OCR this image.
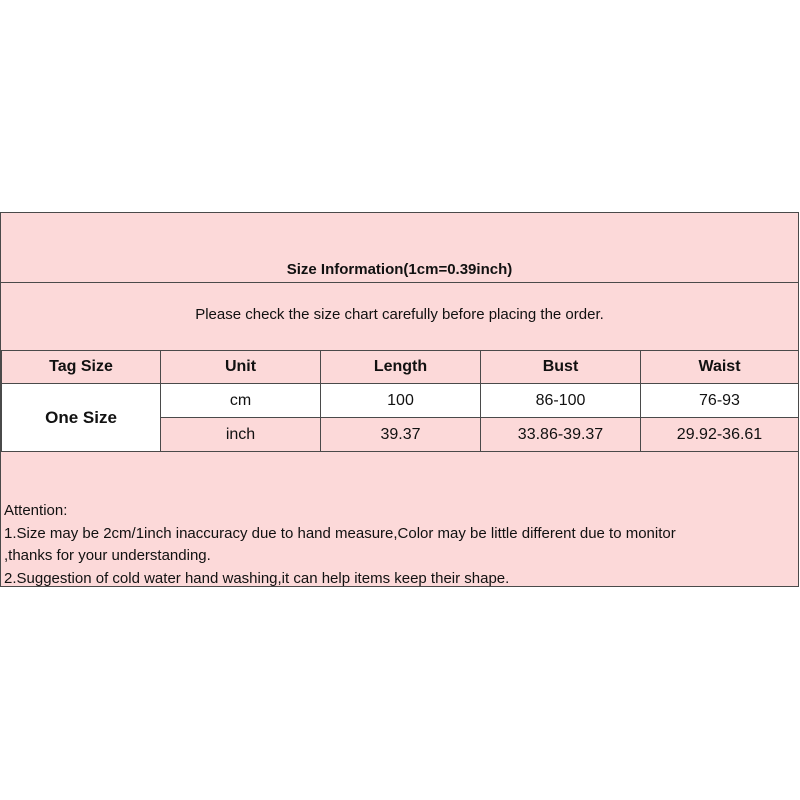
Size Information(1cm=0.39inch)
Please check the size chart carefully before placing the order.
Tag Size	Unit	Length	Bust	Waist
One Size	cm	100	86-100	76-93
	inch	39.37	33.86-39.37	29.92-36.61
Attention:
1.Size may be 2cm/1inch inaccuracy due to hand measure,Color may be little different due to monitor
,thanks for your understanding.
2.Suggestion of cold water hand washing,it can help items keep their shape.
